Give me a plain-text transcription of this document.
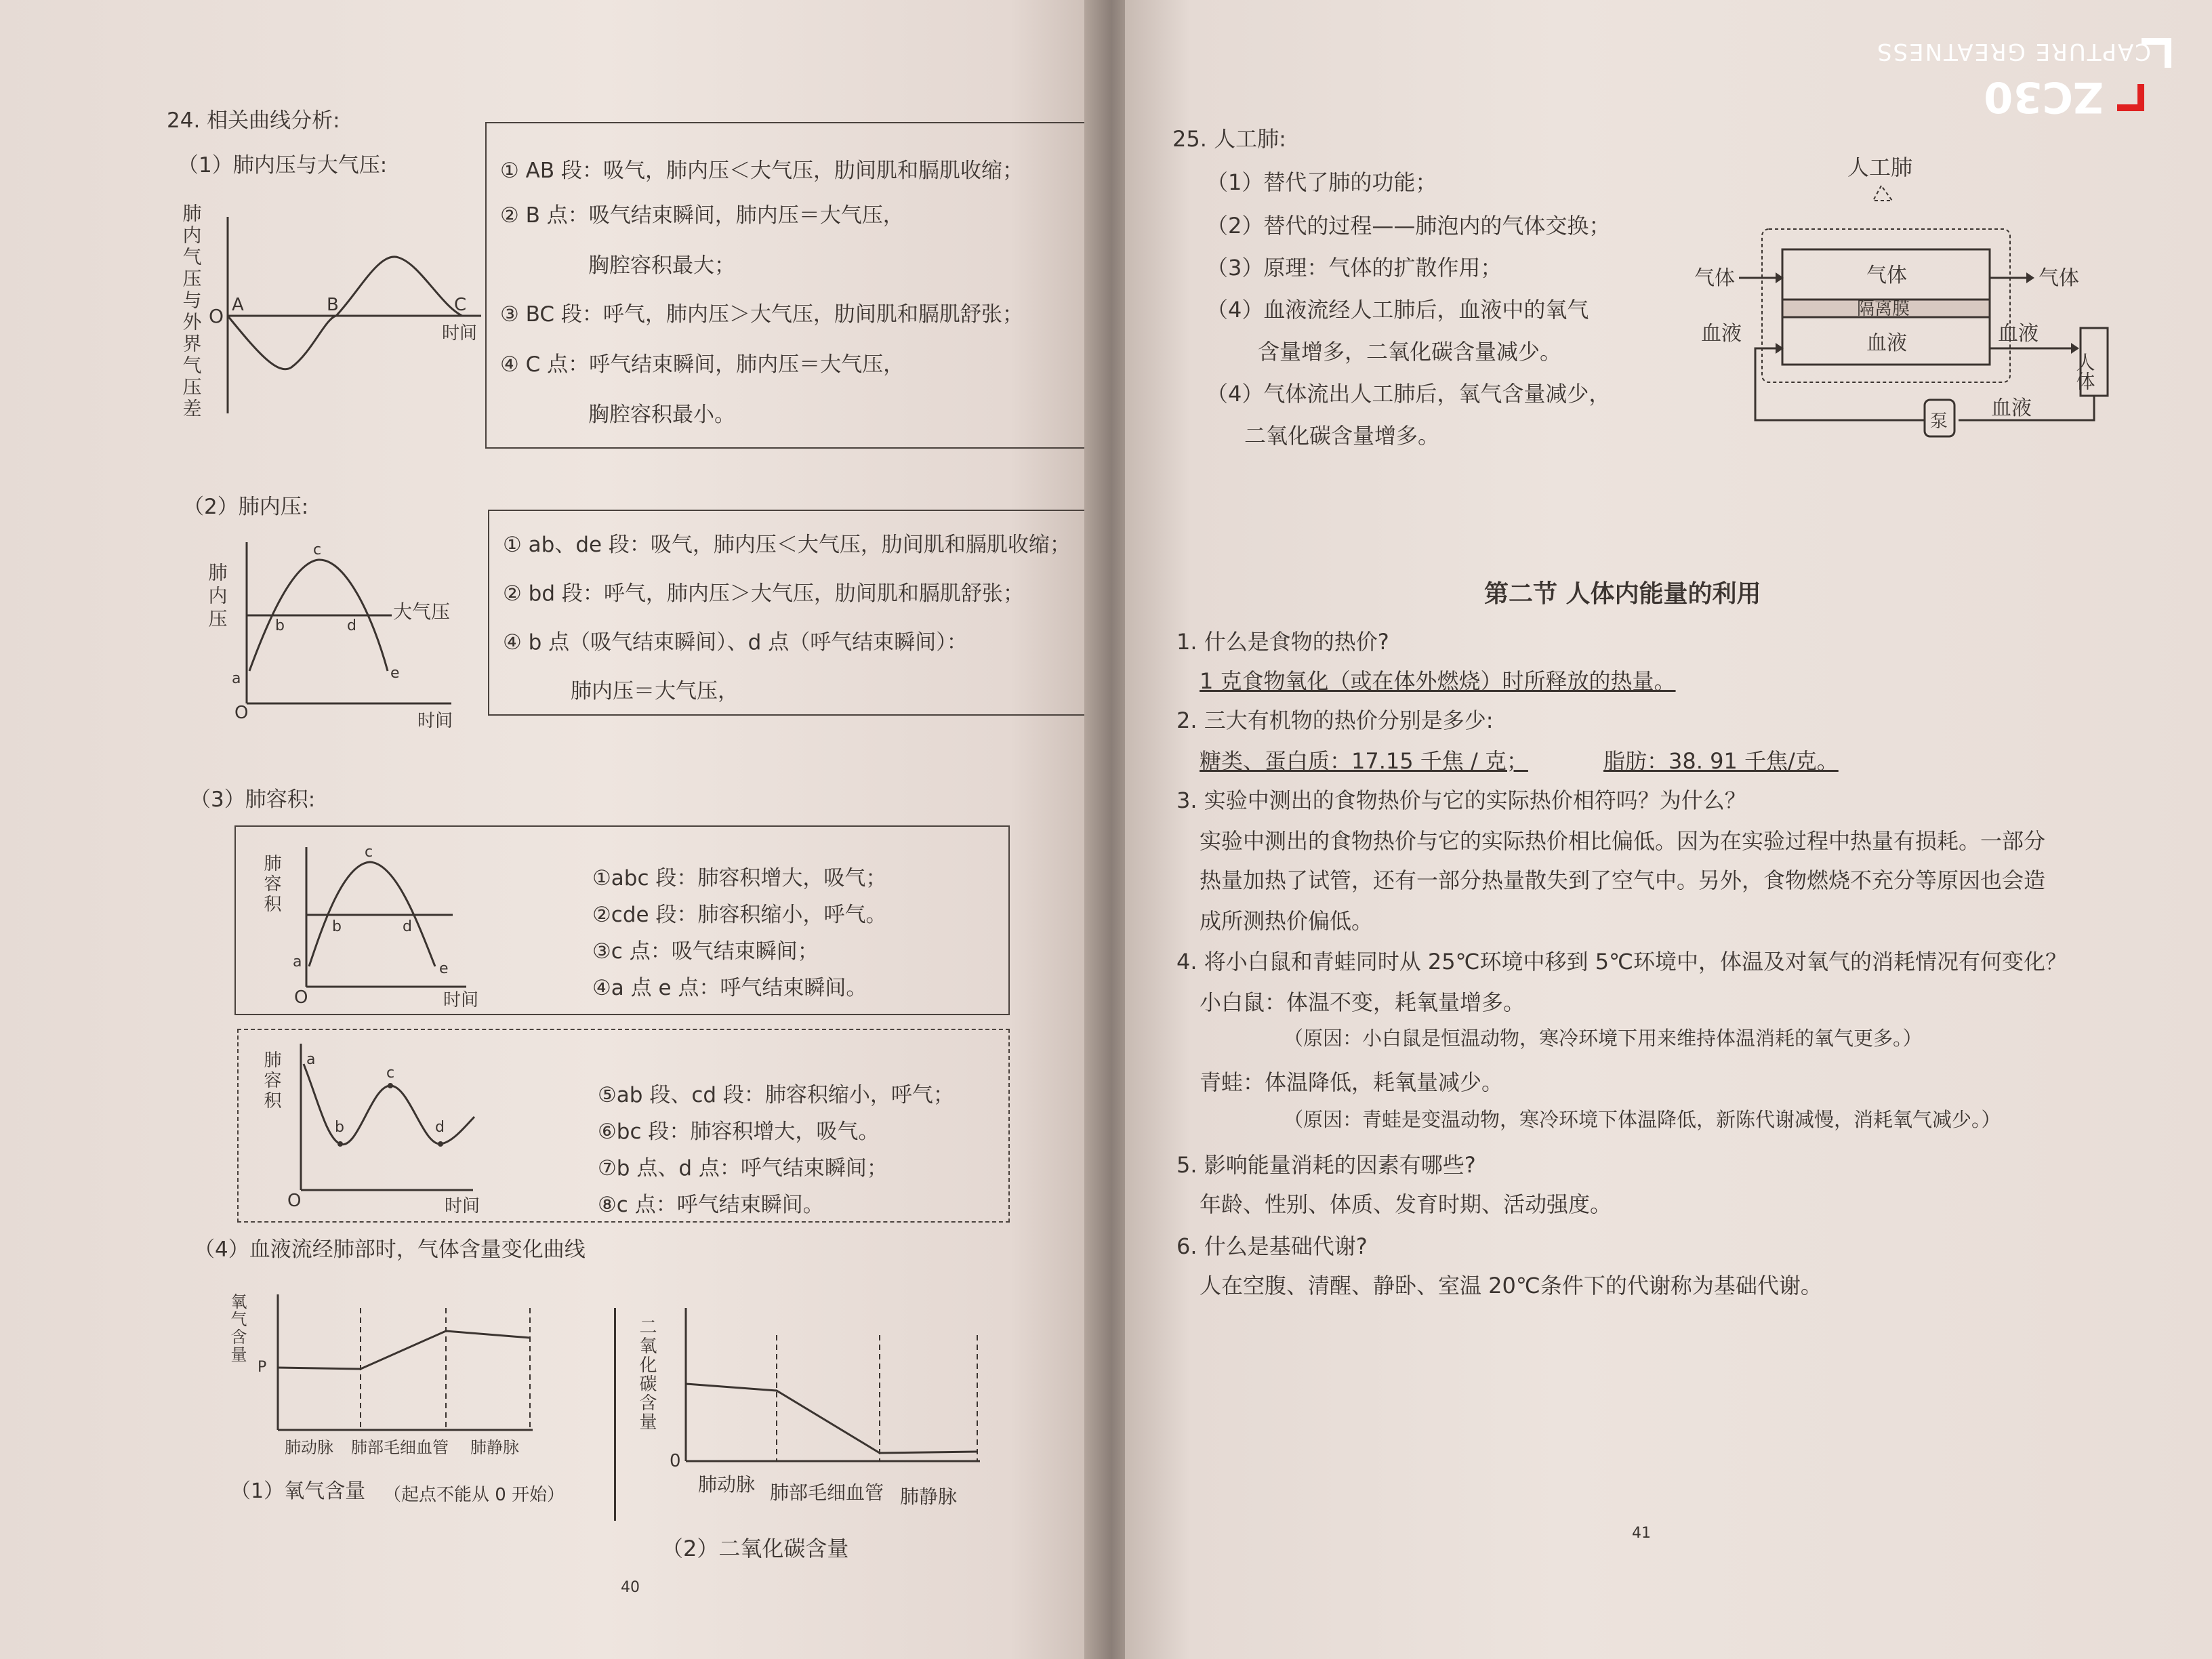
24. 相关曲线分析:
（1）肺内压与大气压:
肺内气压与外界气压差 O A	B	C
时间
① AB 段：吸气，肺内压＜大气压，肋间肌和膈肌收缩；
② B 点：吸气结束瞬间，肺内压＝大气压，
胸腔容积最大；
③ BC 段：呼气，肺内压＞大气压，肋间肌和膈肌舒张；
④ C 点：呼气结束瞬间，肺内压＝大气压，
胸腔容积最小。
（2）肺内压:
肺内压	大气压
a
b
c
d
e
O	时间
① ab、de 段：吸气，肺内压＜大气压，肋间肌和膈肌收缩；
② bd 段：呼气，肺内压＞大气压，肋间肌和膈肌舒张；
④ b 点（吸气结束瞬间）、d 点（呼气结束瞬间）：
肺内压＝大气压，
（3）肺容积:
肺容积
a
b
c
d
e
O	时间
①abc 段：肺容积增大，吸气；
②cde 段：肺容积缩小，呼气。
③c 点：吸气结束瞬间；
④a 点 e 点：呼气结束瞬间。
肺容积 a
b
c
d
O	时间
⑤ab 段、cd 段：肺容积缩小，呼气；
⑥bc 段：肺容积增大，吸气。
⑦b 点、d 点：呼气结束瞬间；
⑧c 点：呼气结束瞬间。
（4）血液流经肺部时，气体含量变化曲线
氧气含量
P
肺动脉 肺部毛细血管 肺静脉
（1）氧气含量 （起点不能从 0 开始）
二氧化碳含量
0
肺动脉 肺部毛细血管 肺静脉
（2）二氧化碳含量
40
25. 人工肺:
（1）替代了肺的功能；
（2）替代的过程——肺泡内的气体交换；
（3）原理：气体的扩散作用；
（4）血液流经人工肺后，血液中的氧气
含量增多，二氧化碳含量减少。
（4）气体流出人工肺后，氧气含量减少，
二氧化碳含量增多。
人工肺
气体
隔离膜
血液
气体	气体
血液	血液
人体
泵
血液
第二节 人体内能量的利用
1. 什么是食物的热价?
1 克食物氧化（或在体外燃烧）时所释放的热量。
2. 三大有机物的热价分别是多少:
糖类、蛋白质：17.15 千焦 / 克；	脂肪：38. 91 千焦/克。
3. 实验中测出的食物热价与它的实际热价相符吗？为什么？
实验中测出的食物热价与它的实际热价相比偏低。因为在实验过程中热量有损耗。一部分
热量加热了试管，还有一部分热量散失到了空气中。另外，食物燃烧不充分等原因也会造
成所测热价偏低。
4. 将小白鼠和青蛙同时从 25℃环境中移到 5℃环境中，体温及对氧气的消耗情况有何变化？
小白鼠：体温不变，耗氧量增多。
（原因：小白鼠是恒温动物，寒冷环境下用来维持体温消耗的氧气更多。）
青蛙：体温降低，耗氧量减少。
（原因：青蛙是变温动物，寒冷环境下体温降低，新陈代谢减慢，消耗氧气减少。）
5. 影响能量消耗的因素有哪些?
年龄、性别、体质、发育时期、活动强度。
6. 什么是基础代谢?
人在空腹、清醒、静卧、室温 20℃条件下的代谢称为基础代谢。
41
ZC30
CAPTURE GREATNESS
